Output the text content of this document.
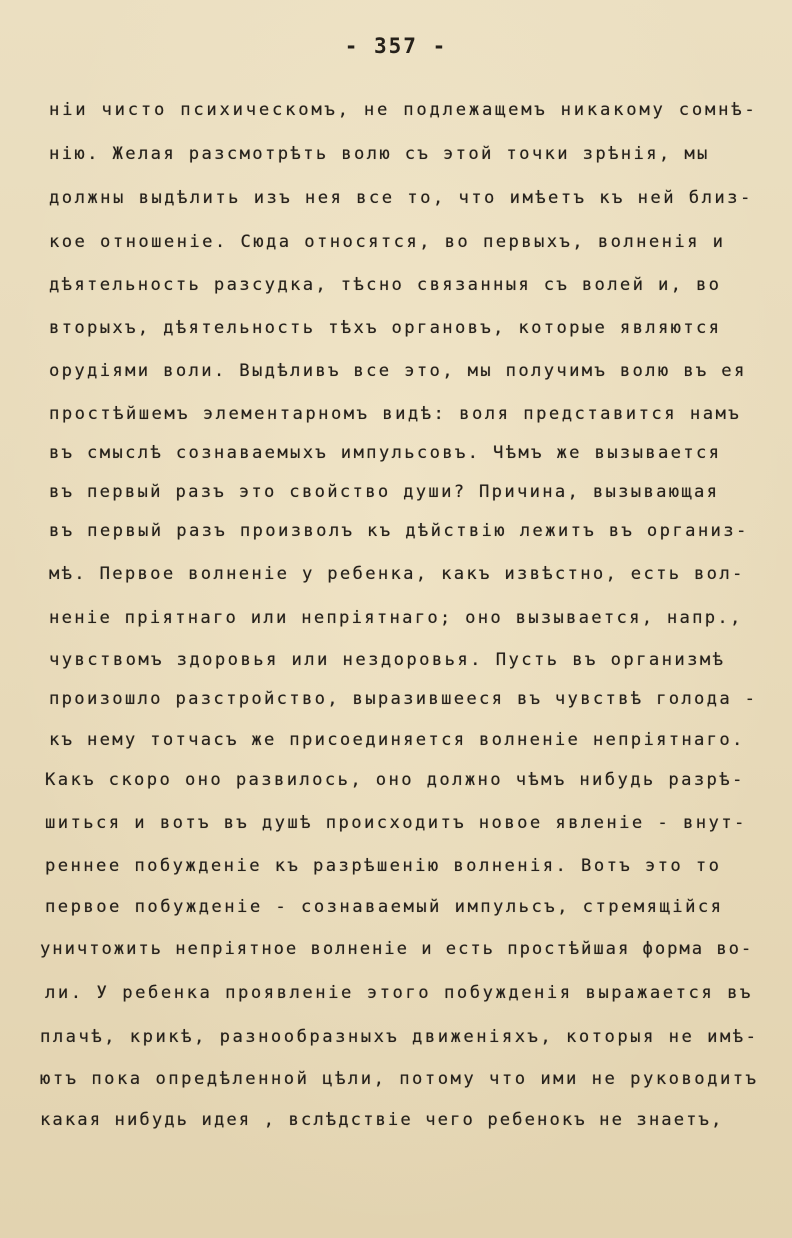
- 357 -
нiи чисто психическомъ, не подлежащемъ никакому сомнѣ-
нiю. Желая разсмотрѣть волю съ этой точки зрѣнiя, мы
должны выдѣлить изъ нея все то, что имѣетъ къ ней близ-
кое отношенiе. Сюда относятся, во первыхъ, волненiя и
дѣятельность разсудка, тѣсно связанныя съ волей и, во
вторыхъ, дѣятельность тѣхъ органовъ, которые являются
орудiями воли. Выдѣливъ все это, мы получимъ волю въ ея
простѣйшемъ элементарномъ видѣ: воля представится намъ
въ смыслѣ сознаваемыхъ импульсовъ. Чѣмъ же вызывается
въ первый разъ это свойство души? Причина, вызывающая
въ первый разъ произволъ къ дѣйствiю лежитъ въ организ-
мѣ. Первое волненiе у ребенка, какъ извѣстно, есть вол-
ненiе прiятнаго или непрiятнаго; оно вызывается, напр.,
чувствомъ здоровья или нездоровья. Пусть въ организмѣ
произошло разстройство, выразившееся въ чувствѣ голода -
къ нему тотчасъ же присоединяется волненiе непрiятнаго.
Какъ скоро оно развилось, оно должно чѣмъ нибудь разрѣ-
шиться и вотъ въ душѣ происходитъ новое явленiе - внут-
реннее побужденiе къ разрѣшенiю волненiя. Вотъ это то
первое побужденiе - сознаваемый импульсъ, стремящiйся
уничтожить непрiятное волненiе и есть простѣйшая форма во-
ли. У ребенка проявленiе этого побужденiя выражается въ
плачѣ, крикѣ, разнообразныхъ движенiяхъ, которыя не имѣ-
ютъ пока опредѣленной цѣли, потому что ими не руководитъ
какая нибудь идея , вслѣдствiе чего ребенокъ не знаетъ,
